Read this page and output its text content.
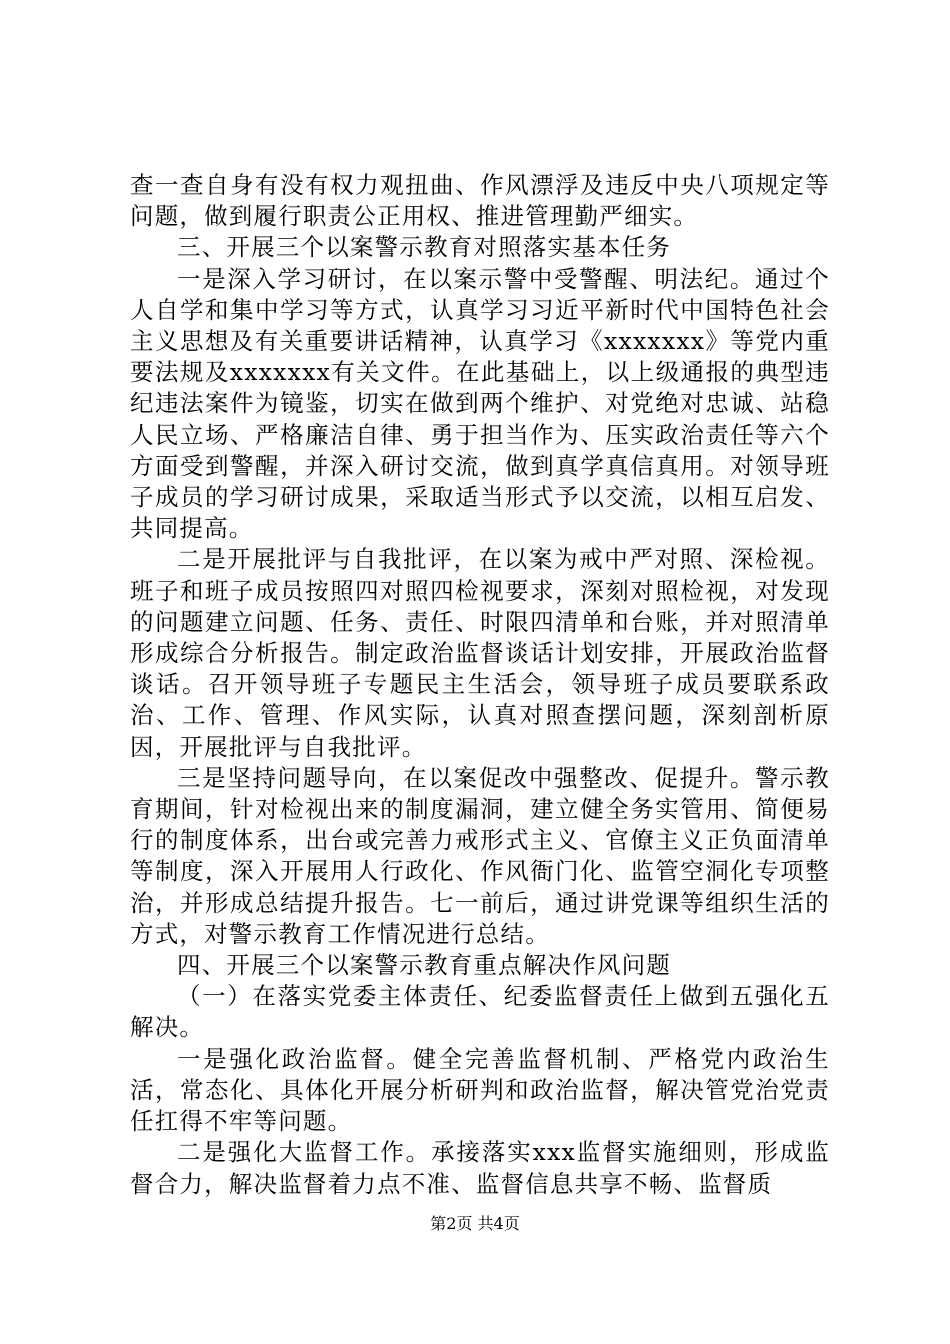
查一查自身有没有权力观扭曲、作风漂浮及违反中央八项规定等问题，做到履行职责公正用权、推进管理勤严细实。

三、开展三个以案警示教育对照落实基本任务

一是深入学习研讨，在以案示警中受警醒、明法纪。通过个人自学和集中学习等方式，认真学习习近平新时代中国特色社会主义思想及有关重要讲话精神，认真学习《xxxxxxx》等党内重要法规及xxxxxxx有关文件。在此基础上，以上级通报的典型违纪违法案件为镜鉴，切实在做到两个维护、对党绝对忠诚、站稳人民立场、严格廉洁自律、勇于担当作为、压实政治责任等六个方面受到警醒，并深入研讨交流，做到真学真信真用。对领导班子成员的学习研讨成果，采取适当形式予以交流，以相互启发、共同提高。

二是开展批评与自我批评，在以案为戒中严对照、深检视。班子和班子成员按照四对照四检视要求，深刻对照检视，对发现的问题建立问题、任务、责任、时限四清单和台账，并对照清单形成综合分析报告。制定政治监督谈话计划安排，开展政治监督谈话。召开领导班子专题民主生活会，领导班子成员要联系政治、工作、管理、作风实际，认真对照查摆问题，深刻剖析原因，开展批评与自我批评。

三是坚持问题导向，在以案促改中强整改、促提升。警示教育期间，针对检视出来的制度漏洞，建立健全务实管用、简便易行的制度体系，出台或完善力戒形式主义、官僚主义正负面清单等制度，深入开展用人行政化、作风衙门化、监管空洞化专项整治，并形成总结提升报告。七一前后，通过讲党课等组织生活的方式，对警示教育工作情况进行总结。

四、开展三个以案警示教育重点解决作风问题

（一）在落实党委主体责任、纪委监督责任上做到五强化五解决。

一是强化政治监督。健全完善监督机制、严格党内政治生活，常态化、具体化开展分析研判和政治监督，解决管党治党责任扛得不牢等问题。

二是强化大监督工作。承接落实xxx监督实施细则，形成监督合力，解决监督着力点不准、监督信息共享不畅、监督质

第2页 共4页
